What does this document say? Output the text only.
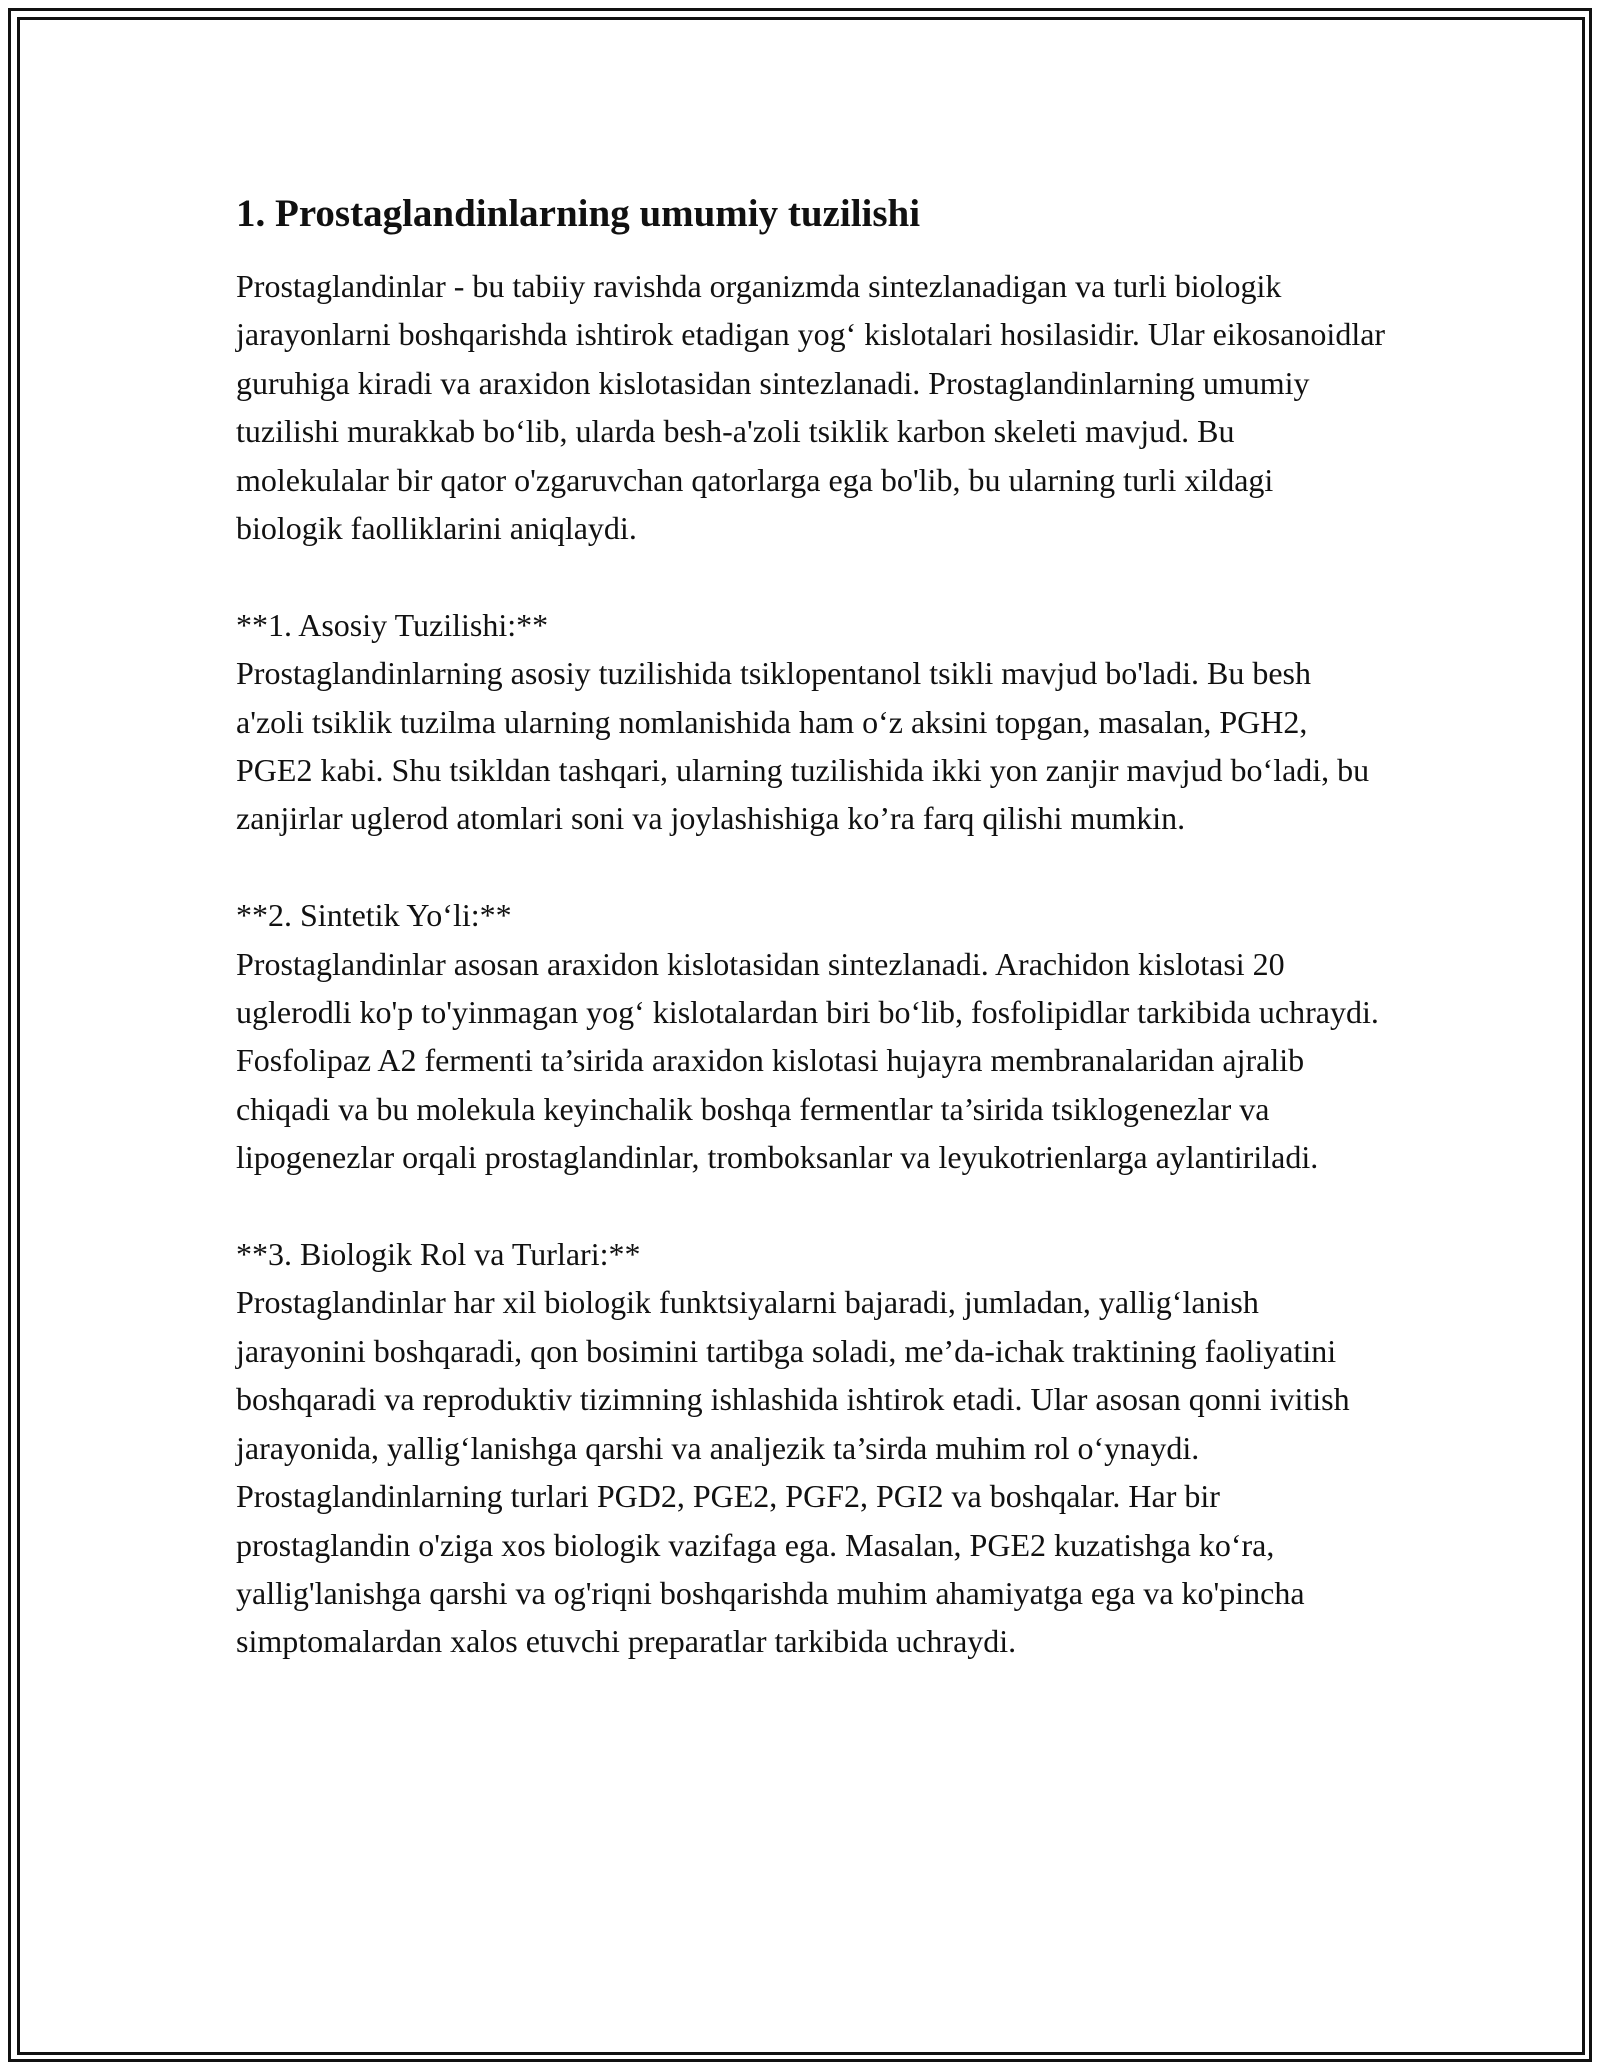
1. Prostaglandinlarning umumiy tuzilishi

Prostaglandinlar - bu tabiiy ravishda organizmda sintezlanadigan va turli biologik jarayonlarni boshqarishda ishtirok etadigan yog‘ kislotalari hosilasidir. Ular eikosanoidlar guruhiga kiradi va araxidon kislotasidan sintezlanadi. Prostaglandinlarning umumiy tuzilishi murakkab bo‘lib, ularda besh-a'zoli tsiklik karbon skeleti mavjud. Bu molekulalar bir qator o'zgaruvchan qatorlarga ega bo'lib, bu ularning turli xildagi biologik faolliklarini aniqlaydi.

**1. Asosiy Tuzilishi:**

Prostaglandinlarning asosiy tuzilishida tsiklopentanol tsikli mavjud bo'ladi. Bu besh a'zoli tsiklik tuzilma ularning nomlanishida ham o‘z aksini topgan, masalan, PGH2, PGE2 kabi. Shu tsikldan tashqari, ularning tuzilishida ikki yon zanjir mavjud bo‘ladi, bu zanjirlar uglerod atomlari soni va joylashishiga ko’ra farq qilishi mumkin.

**2. Sintetik Yo‘li:**

Prostaglandinlar asosan araxidon kislotasidan sintezlanadi. Arachidon kislotasi 20 uglerodli ko'p to'yinmagan yog‘ kislotalardan biri bo‘lib, fosfolipidlar tarkibida uchraydi. Fosfolipaz A2 fermenti ta’sirida araxidon kislotasi hujayra membranalaridan ajralib chiqadi va bu molekula keyinchalik boshqa fermentlar ta’sirida tsiklogenezlar va lipogenezlar orqali prostaglandinlar, tromboksanlar va leyukotrienlarga aylantiriladi.

**3. Biologik Rol va Turlari:**

Prostaglandinlar har xil biologik funktsiyalarni bajaradi, jumladan, yallig‘lanish jarayonini boshqaradi, qon bosimini tartibga soladi, me’da-ichak traktining faoliyatini boshqaradi va reproduktiv tizimning ishlashida ishtirok etadi. Ular asosan qonni ivitish jarayonida, yallig‘lanishga qarshi va analjezik ta’sirda muhim rol o‘ynaydi.

Prostaglandinlarning turlari PGD2, PGE2, PGF2, PGI2 va boshqalar. Har bir prostaglandin o'ziga xos biologik vazifaga ega. Masalan, PGE2 kuzatishga ko‘ra, yallig'lanishga qarshi va og'riqni boshqarishda muhim ahamiyatga ega va ko'pincha simptomalardan xalos etuvchi preparatlar tarkibida uchraydi.
